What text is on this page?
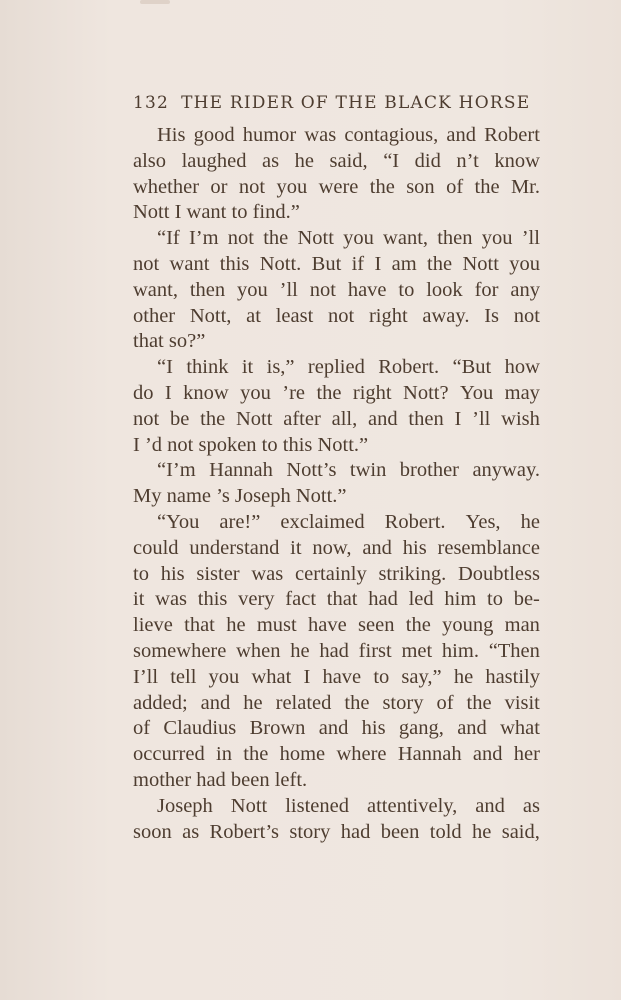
132 THE RIDER OF THE BLACK HORSE
His good humor was contagious, and Robert
also laughed as he said, “I did n’t know
whether or not you were the son of the Mr.
Nott I want to find.”
“If I’m not the Nott you want, then you ’ll
not want this Nott. But if I am the Nott you
want, then you ’ll not have to look for any
other Nott, at least not right away. Is not
that so?”
“I think it is,” replied Robert. “But how
do I know you ’re the right Nott? You may
not be the Nott after all, and then I ’ll wish
I ’d not spoken to this Nott.”
“I’m Hannah Nott’s twin brother anyway.
My name ’s Joseph Nott.”
“You are!” exclaimed Robert. Yes, he
could understand it now, and his resemblance
to his sister was certainly striking. Doubtless
it was this very fact that had led him to be-
lieve that he must have seen the young man
somewhere when he had first met him. “Then
I’ll tell you what I have to say,” he hastily
added; and he related the story of the visit
of Claudius Brown and his gang, and what
occurred in the home where Hannah and her
mother had been left.
Joseph Nott listened attentively, and as
soon as Robert’s story had been told he said,
